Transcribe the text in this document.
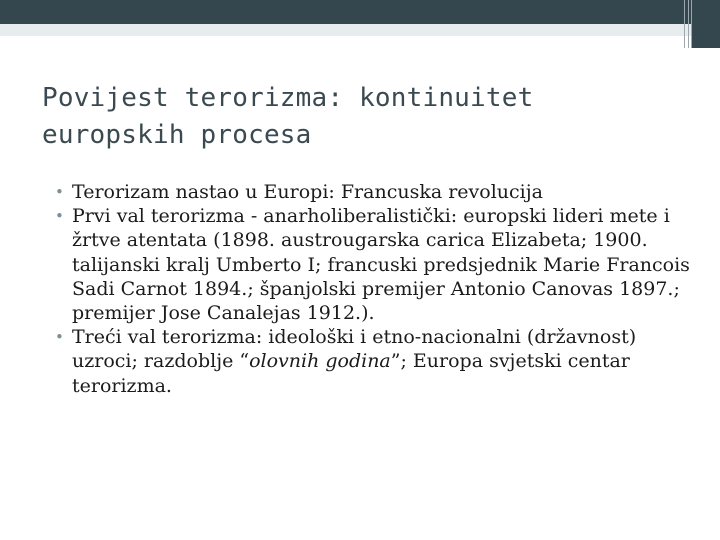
Povijest terorizma: kontinuitet europskih procesa

• Terorizam nastao u Europi: Francuska revolucija

• Prvi val terorizma - anarholiberalistički: europski lideri mete i žrtve atentata (1898. austrougarska carica Elizabeta; 1900. talijanski kralj Umberto I; francuski predsjednik Marie Francois Sadi Carnot 1894.; španjolski premijer Antonio Canovas 1897.; premijer Jose Canalejas 1912.).

• Treći val terorizma: ideološki i etno-nacionalni (državnost) uzroci; razdoblje “olovnih godina”; Europa svjetski centar terorizma.
